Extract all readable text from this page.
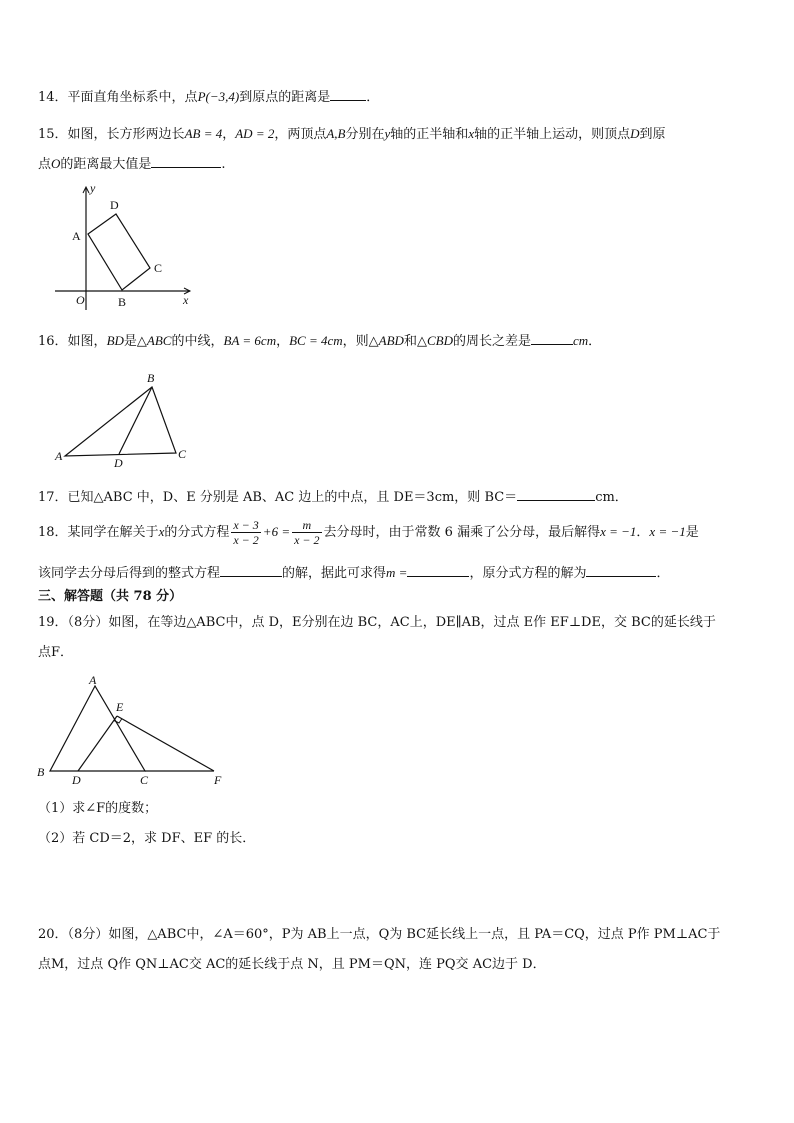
14．平面直角坐标系中，点P(−3,4)到原点的距离是	．
15．如图，长方形两边长AB = 4，AD = 2，两顶点A,B分别在y轴的正半轴和x轴的正半轴上运动，则顶点D到原
点O的距离最大值是	.
y
D
A
C
O	B	x
16．如图，BD是△ABC的中线，BA = 6cm，BC = 4cm，则△ABD和△CBD的周长之差是	cm．
B
A	C
D
17．已知△ABC 中，D、E 分别是 AB、AC 边上的中点，且 DE＝3cm，则 BC＝	cm．
18．某同学在解关于x的分式方程 $\frac{x - 3}{x - 2} +6 = \frac{m}{x - 2}$ 去分母时，由于常数 6 漏乘了公分母，最后解得x = −1．x = −1是
该同学去分母后得到的整式方程	的解，据此可求得m =	，原分式方程的解为	．
三、解答题（共 78 分）
19．（8分）如图，在等边△ABC中，点 D，E分别在边 BC，AC上，DE∥AB，过点 E作 EF⊥DE，交 BC的延长线于
点F．
A
E
B
D	C	F
（1）求∠F的度数；
（2）若 CD＝2，求 DF、EF 的长．
20．（8分）如图，△ABC中，∠A＝60°，P为 AB上一点，Q为 BC延长线上一点，且 PA＝CQ，过点 P作 PM⊥AC于
点M，过点 Q作 QN⊥AC交 AC的延长线于点 N，且 PM＝QN，连 PQ交 AC边于 D．
